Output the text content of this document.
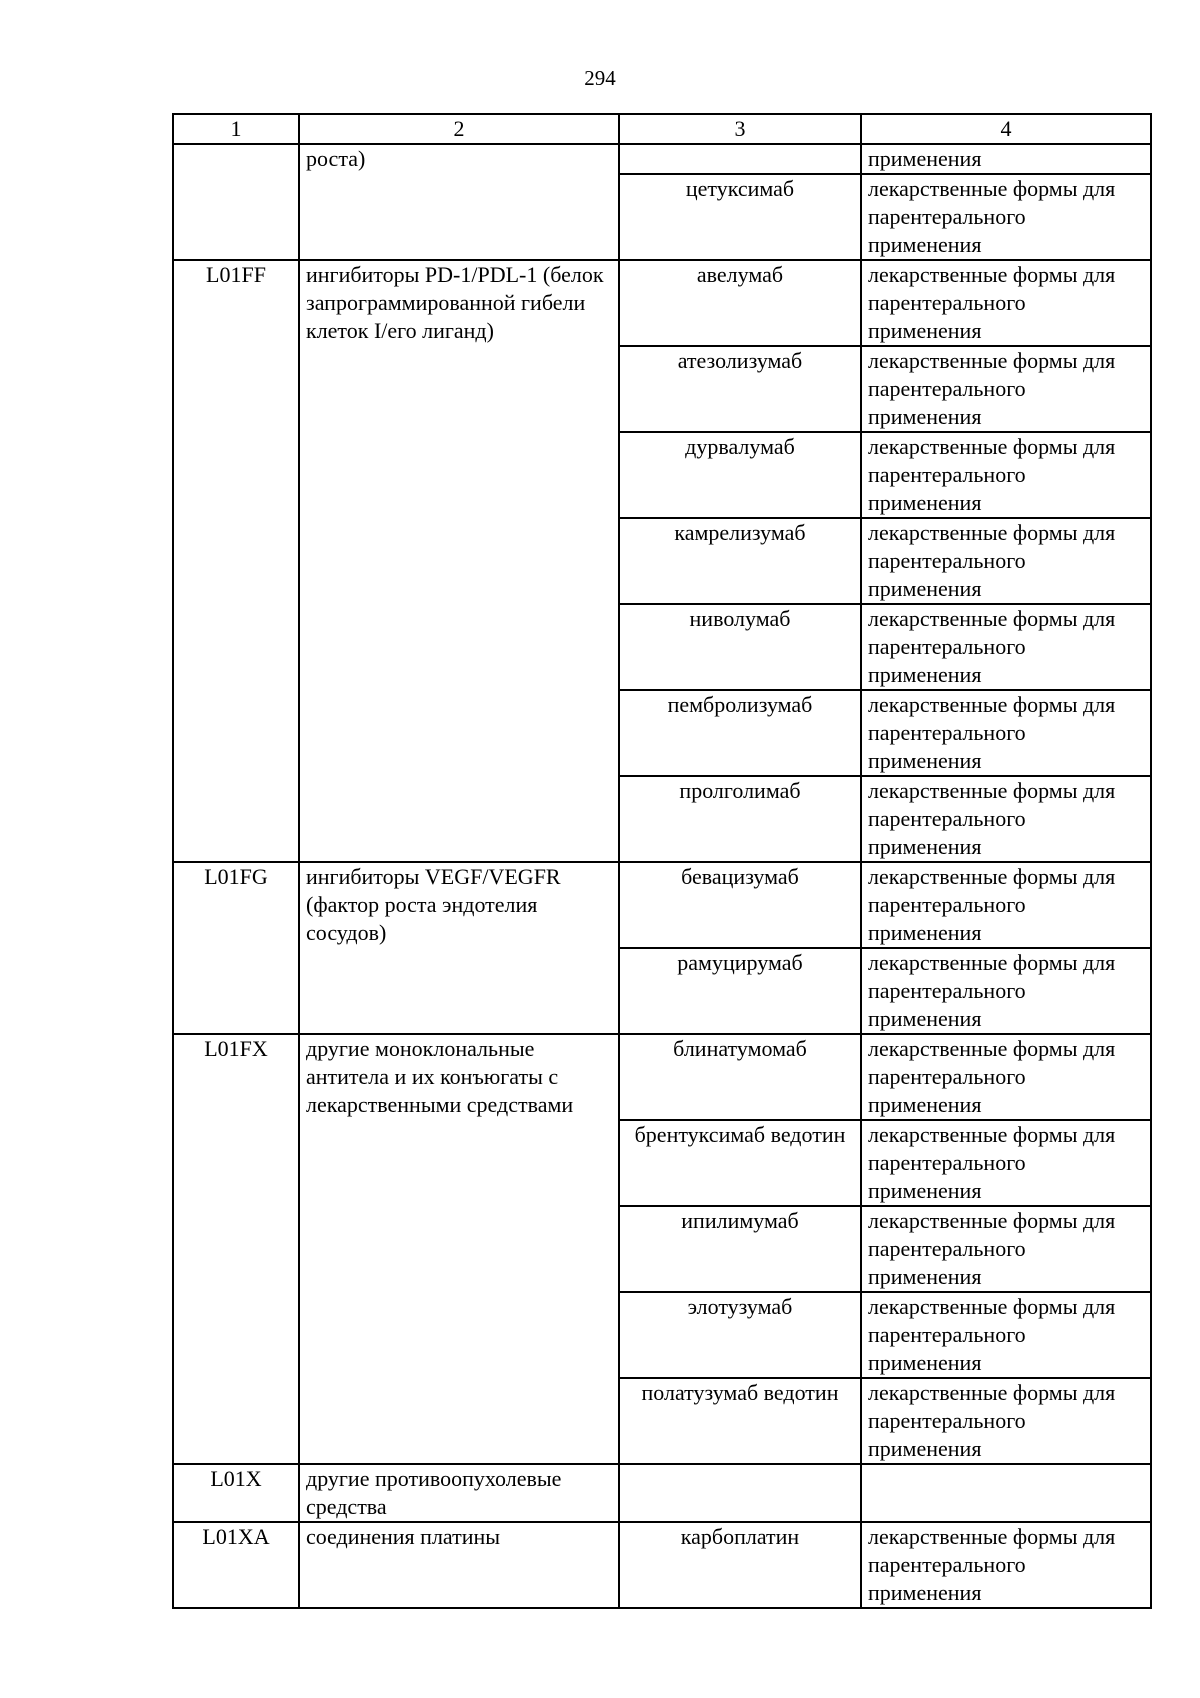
294
1	2	3	4
	роста)		применения
		цетуксимаб	лекарственные формы для парентерального применения
L01FF	ингибиторы PD-1/PDL-1 (белок запрограммированной гибели клеток I/его лиганд)	авелумаб	лекарственные формы для парентерального применения
		атезолизумаб	лекарственные формы для парентерального применения
		дурвалумаб	лекарственные формы для парентерального применения
		камрелизумаб	лекарственные формы для парентерального применения
		ниволумаб	лекарственные формы для парентерального применения
		пембролизумаб	лекарственные формы для парентерального применения
		пролголимаб	лекарственные формы для парентерального применения
L01FG	ингибиторы VEGF/VEGFR (фактор роста эндотелия сосудов)	бевацизумаб	лекарственные формы для парентерального применения
		рамуцирумаб	лекарственные формы для парентерального применения
L01FX	другие моноклональные антитела и их конъюгаты с лекарственными средствами	блинатумомаб	лекарственные формы для парентерального применения
		брентуксимаб ведотин	лекарственные формы для парентерального применения
		ипилимумаб	лекарственные формы для парентерального применения
		элотузумаб	лекарственные формы для парентерального применения
		полатузумаб ведотин	лекарственные формы для парентерального применения
L01X	другие противоопухолевые средства		
L01XA	соединения платины	карбоплатин	лекарственные формы для парентерального применения
